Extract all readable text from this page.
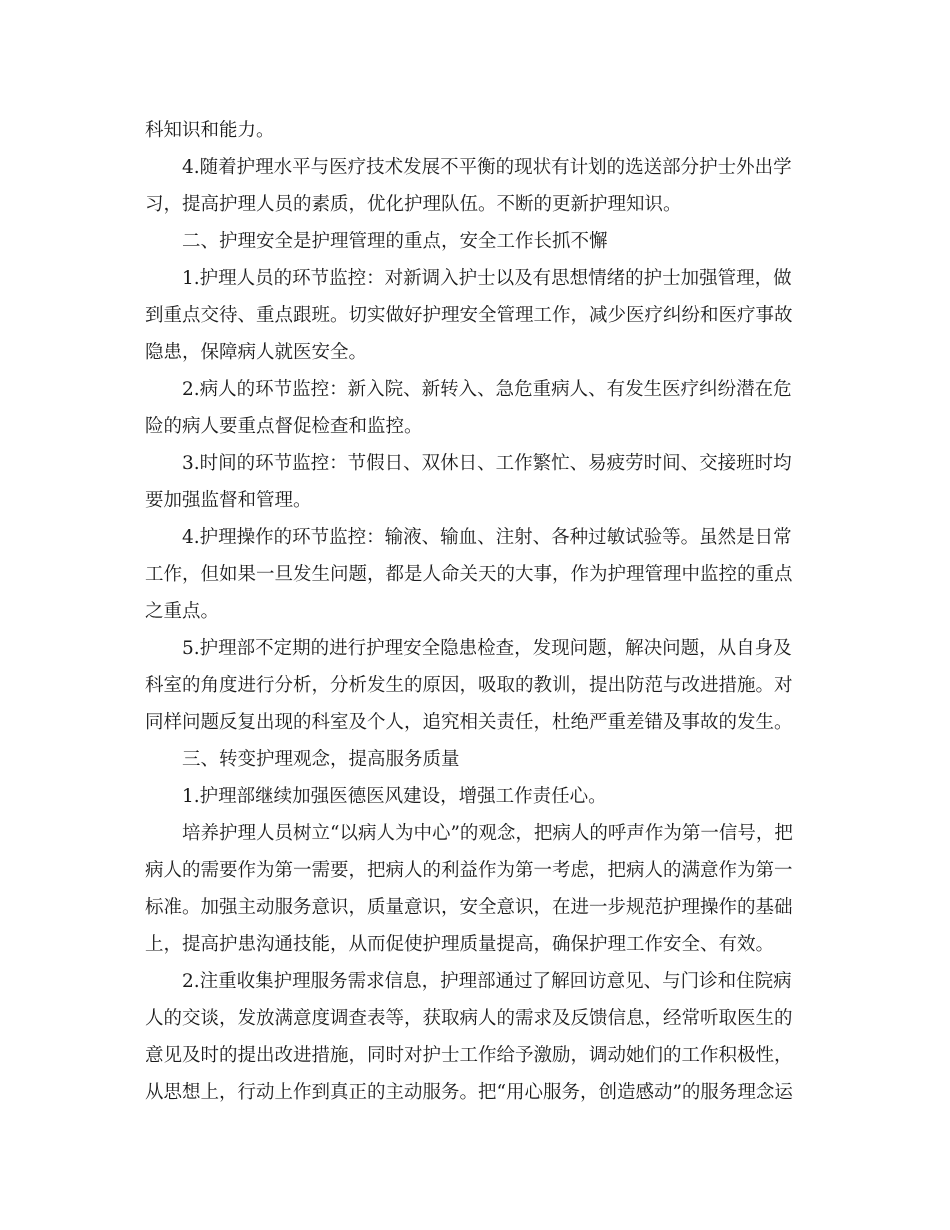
科知识和能力。
4.随着护理水平与医疗技术发展不平衡的现状有计划的选送部分护士外出学
习，提高护理人员的素质，优化护理队伍。不断的更新护理知识。
二、护理安全是护理管理的重点，安全工作长抓不懈
1.护理人员的环节监控：对新调入护士以及有思想情绪的护士加强管理，做
到重点交待、重点跟班。切实做好护理安全管理工作，减少医疗纠纷和医疗事故
隐患，保障病人就医安全。
2.病人的环节监控：新入院、新转入、急危重病人、有发生医疗纠纷潜在危
险的病人要重点督促检查和监控。
3.时间的环节监控：节假日、双休日、工作繁忙、易疲劳时间、交接班时均
要加强监督和管理。
4.护理操作的环节监控：输液、输血、注射、各种过敏试验等。虽然是日常
工作，但如果一旦发生问题，都是人命关天的大事，作为护理管理中监控的重点
之重点。
5.护理部不定期的进行护理安全隐患检查，发现问题，解决问题，从自身及
科室的角度进行分析，分析发生的原因，吸取的教训，提出防范与改进措施。对
同样问题反复出现的科室及个人，追究相关责任，杜绝严重差错及事故的发生。
三、转变护理观念，提高服务质量
1.护理部继续加强医德医风建设，增强工作责任心。
培养护理人员树立“以病人为中心”的观念，把病人的呼声作为第一信号，把
病人的需要作为第一需要，把病人的利益作为第一考虑，把病人的满意作为第一
标准。加强主动服务意识，质量意识，安全意识，在进一步规范护理操作的基础
上，提高护患沟通技能，从而促使护理质量提高，确保护理工作安全、有效。
2.注重收集护理服务需求信息，护理部通过了解回访意见、与门诊和住院病
人的交谈，发放满意度调查表等，获取病人的需求及反馈信息，经常听取医生的
意见及时的提出改进措施，同时对护士工作给予激励，调动她们的工作积极性，
从思想上，行动上作到真正的主动服务。把“用心服务，创造感动”的服务理念运
